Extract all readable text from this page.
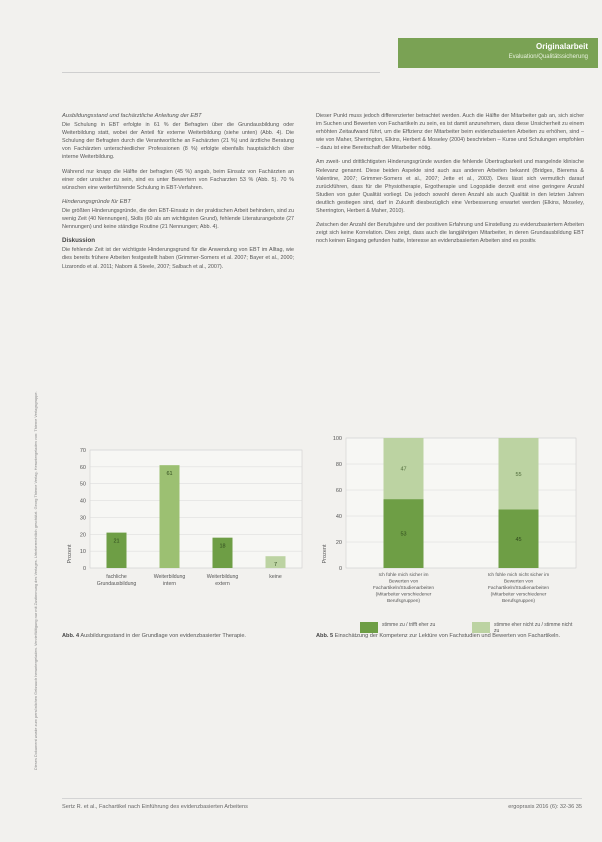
Originalarbeit
Evaluation/Qualitätssicherung
Dieses Dokument wurde zum persönlichen Gebrauch heruntergeladen. Vervielfältigung nur mit Zustimmung des Verlages. Urheberrechtlich geschützt. Georg Thieme Verlag. Heruntergeladen von: Thieme Verlagsgruppe.
Ausbildungsstand und fachärztliche Anleitung der EBT

Die Schulung in EBT erfolgte in 61 % der Befragten über die Grundausbildung oder Weiterbildung statt, wobei der Anteil für externe Weiterbildung (siehe unten) (Abb. 4). Die Schulung der Befragten durch die Verantwortliche an Fachärzten (21 %) und ärztliche Beratung von Fachärzten unterschiedlicher Professionen (8 %) erfolgte ebenfalls hauptsächlich über interne Weiterbildung.

Während nur knapp die Hälfte der befragten (45 %) angab, beim Einsatz von Fachärzten an einer oder unsicher zu sein, sind es unter Bewertern von Facharzten 53 % (Abb. 5). 70 % wünschen eine weiterführende Schulung in EBT-Verfahren.

Hinderungsgründe für EBT

Die größten Hinderungsgründe, die den EBT-Einsatz in der praktischen Arbeit behindern, sind zu wenig Zeit (40 Nennungen), Skills (60 als am wichtigsten Grund), fehlende Literaturangebote (27 Nennungen) und keine ständige Routine (21 Nennungen; Abb. 4).

Diskussion

Die fehlende Zeit ist der wichtigste Hinderungsgrund für die Anwendung von EBT im Alltag, wie dies bereits frühere Arbeiten festgestellt haben (Grimmer-Somers et al. 2007; Bayer et al., 2000; Lizarondo et al. 2011; Nabom & Steele, 2007; Salbach et al., 2007).

Dieser Punkt muss jedoch differenzierter betrachtet werden. Auch die Hälfte der Mitarbeiter gab an, sich sicher im Suchen und Bewerten von Fachartikeln zu sein, es ist damit anzunehmen, dass diese Unsicherheit zu einem erhöhten Zeitaufwand führt, um die Effizienz der Mitarbeiter beim evidenzbasierten Arbeiten zu erhöhen, sind – wie von Maher, Sherrington, Elkins, Herbert & Moseley (2004) beschrieben – Kurse und Schulungen empfohlen – dazu ist eine Bereitschaft der Mitarbeiter nötig.

Am zweit- und drittlichtigsten Hinderungsgründe wurden die fehlende Übertragbarkeit und mangelnde klinische Relevanz genannt. Diese beiden Aspekte sind auch aus anderen Arbeiten bekannt (Bridges, Bierema & Valentine, 2007; Grimmer-Somers et al., 2007; Jette et al., 2003). Dies lässt sich vermutlich darauf zurückführen, dass für die Physiotherapie, Ergotherapie und Logopädie derzeit erst eine geringere Anzahl Studien von guter Qualität vorliegt. Da jedoch sowohl deren Anzahl als auch Qualität in den letzten Jahren deutlich gestiegen sind, darf in Zukunft diesbezüglich eine Verbesserung erwartet werden (Elkins, Moseley, Sherrington, Herbert & Maher, 2010).

Zwischen der Anzahl der Berufsjahre und der positiven Erfahrung und Einstellung zu evidenzbasiertem Arbeiten zeigt sich keine Korrelation. Dies zeigt, dass auch die langjährigen Mitarbeiter, in deren Grundausbildung EBT noch keinen Eingang gefunden hatte, Interesse an evidenzbasierten Arbeiten sind es positiv.

0
10
20
30
40
50
60
70
Prozent
21
fachliche Grundausbildung
61
Weiterbildung intern
18
Weiterbildung extern
7
keine
0
20
40
60
80
100
Prozent
53
47
Ich fühle mich sicher im Bewerten von Fachartikeln/Studienarbeiten (Mitarbeiter verschiedener Berufsgruppen)
45
55
Ich fühle mich nicht sicher im Bewerten von Fachartikeln/Studienarbeiten (Mitarbeiter verschiedener Berufsgruppen)
stimme zu / trifft eher zu	stimme eher nicht zu / stimme nicht zu
Abb. 4 Ausbildungsstand in der Grundlage von evidenzbasierter Therapie.	Abb. 5 Einschätzung der Kompetenz zur Lektüre von Fachstudien und Bewerten von Fachartikeln.
Sertz R. et al., Fachartikel nach Einführung des evidenzbasierten Arbeitens	ergopraxis 2016 (6): 32-36 35
